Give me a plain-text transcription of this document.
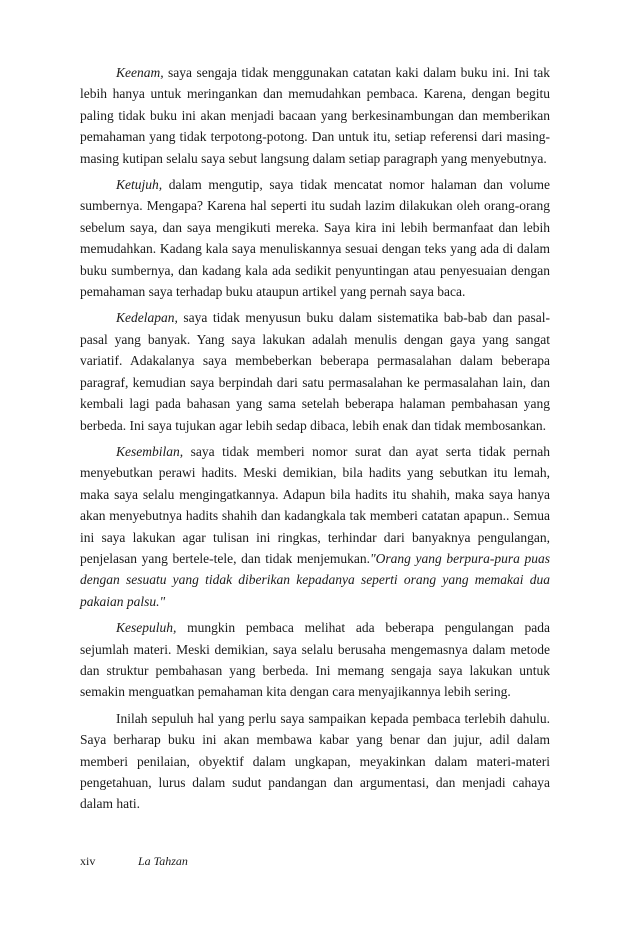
Keenam, saya sengaja tidak menggunakan catatan kaki dalam buku ini. Ini tak lebih hanya untuk meringankan dan memudahkan pembaca. Karena, dengan begitu paling tidak buku ini akan menjadi bacaan yang berkesinambungan dan memberikan pemahaman yang tidak terpotong-potong. Dan untuk itu, setiap referensi dari masing-masing kutipan selalu saya sebut langsung dalam setiap paragraph yang menyebutnya.

Ketujuh, dalam mengutip, saya tidak mencatat nomor halaman dan volume sumbernya. Mengapa? Karena hal seperti itu sudah lazim dilakukan oleh orang-orang sebelum saya, dan saya mengikuti mereka. Saya kira ini lebih bermanfaat dan lebih memudahkan. Kadang kala saya menuliskannya sesuai dengan teks yang ada di dalam buku sumbernya, dan kadang kala ada sedikit penyuntingan atau penyesuaian dengan pemahaman saya terhadap buku ataupun artikel yang pernah saya baca.

Kedelapan, saya tidak menyusun buku dalam sistematika bab-bab dan pasal-pasal yang banyak. Yang saya lakukan adalah menulis dengan gaya yang sangat variatif. Adakalanya saya membeberkan beberapa permasalahan dalam beberapa paragraf, kemudian saya berpindah dari satu permasalahan ke permasalahan lain, dan kembali lagi pada bahasan yang sama setelah beberapa halaman pembahasan yang berbeda. Ini saya tujukan agar lebih sedap dibaca, lebih enak dan tidak membosankan.

Kesembilan, saya tidak memberi nomor surat dan ayat serta tidak pernah menyebutkan perawi hadits. Meski demikian, bila hadits yang sebutkan itu lemah, maka saya selalu mengingatkannya. Adapun bila hadits itu shahih, maka saya hanya akan menyebutnya hadits shahih dan kadangkala tak memberi catatan apapun.. Semua ini saya lakukan agar tulisan ini ringkas, terhindar dari banyaknya pengulangan, penjelasan yang bertele-tele, dan tidak menjemukan."Orang yang berpura-pura puas dengan sesuatu yang tidak diberikan kepadanya seperti orang yang memakai dua pakaian palsu."

Kesepuluh, mungkin pembaca melihat ada beberapa pengulangan pada sejumlah materi. Meski demikian, saya selalu berusaha mengemasnya dalam metode dan struktur pembahasan yang berbeda. Ini memang sengaja saya lakukan untuk semakin menguatkan pemahaman kita dengan cara menyajikannya lebih sering.

Inilah sepuluh hal yang perlu saya sampaikan kepada pembaca terlebih dahulu. Saya berharap buku ini akan membawa kabar yang benar dan jujur, adil dalam memberi penilaian, obyektif dalam ungkapan, meyakinkan dalam materi-materi pengetahuan, lurus dalam sudut pandangan dan argumentasi, dan menjadi cahaya dalam hati.

xiv	La Tahzan
